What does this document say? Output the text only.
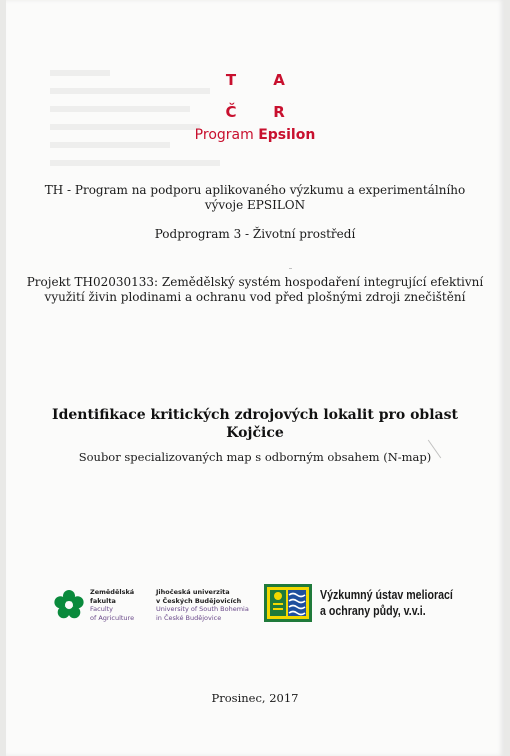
T A
Č R
Program Epsilon
TH - Program na podporu aplikovaného výzkumu a experimentálního
vývoje EPSILON
Podprogram 3 - Životní prostředí
Projekt TH02030133: Zemědělský systém hospodaření integrující efektivní
využití živin plodinami a ochranu vod před plošnými zdroji znečištění
Identifikace kritických zdrojových lokalit pro oblast
Kojčice
Soubor specializovaných map s odborným obsahem (N-map)
Zemědělská
fakulta
Faculty
of Agriculture
Jihočeská univerzita
v Českých Budějovicích
University of South Bohemia
in České Budějovice
Výzkumný ústav meliorací
a ochrany půdy, v.v.i.
Prosinec, 2017
